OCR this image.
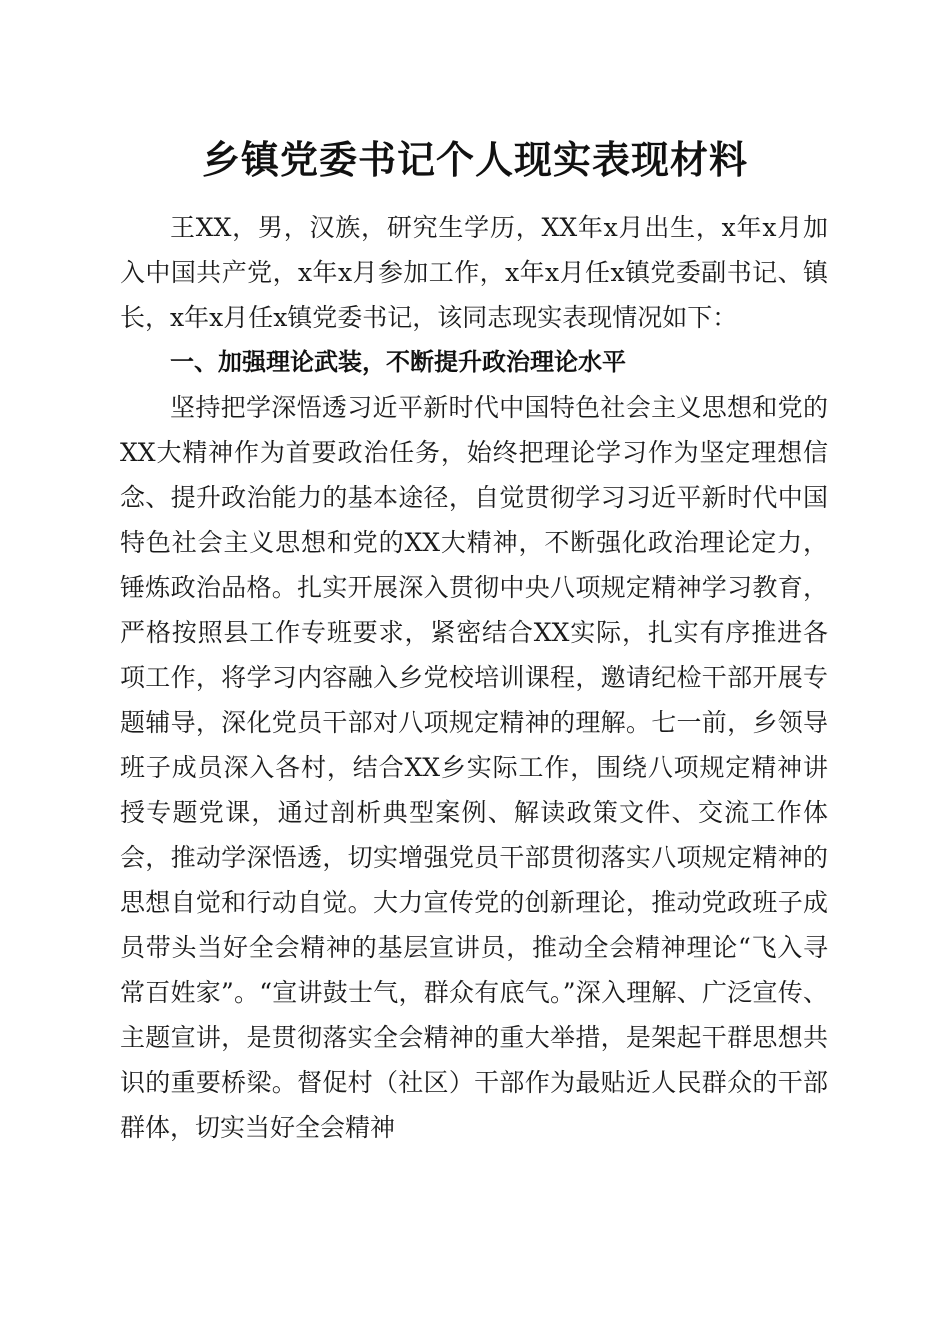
乡镇党委书记个人现实表现材料

王XX，男，汉族，研究生学历，XX年x月出生，x年x月加入中国共产党，x年x月参加工作，x年x月任x镇党委副书记、镇长，x年x月任x镇党委书记，该同志现实表现情况如下：

一、加强理论武装，不断提升政治理论水平

坚持把学深悟透习近平新时代中国特色社会主义思想和党的XX大精神作为首要政治任务，始终把理论学习作为坚定理想信念、提升政治能力的基本途径，自觉贯彻学习习近平新时代中国特色社会主义思想和党的XX大精神，不断强化政治理论定力，锤炼政治品格。扎实开展深入贯彻中央八项规定精神学习教育，严格按照县工作专班要求，紧密结合XX实际，扎实有序推进各项工作，将学习内容融入乡党校培训课程，邀请纪检干部开展专题辅导，深化党员干部对八项规定精神的理解。七一前，乡领导班子成员深入各村，结合XX乡实际工作，围绕八项规定精神讲授专题党课，通过剖析典型案例、解读政策文件、交流工作体会，推动学深悟透，切实增强党员干部贯彻落实八项规定精神的思想自觉和行动自觉。大力宣传党的创新理论，推动党政班子成员带头当好全会精神的基层宣讲员，推动全会精神理论“飞入寻常百姓家”。“宣讲鼓士气，群众有底气。”深入理解、广泛宣传、主题宣讲，是贯彻落实全会精神的重大举措，是架起干群思想共识的重要桥梁。督促村（社区）干部作为最贴近人民群众的干部群体，切实当好全会精神
